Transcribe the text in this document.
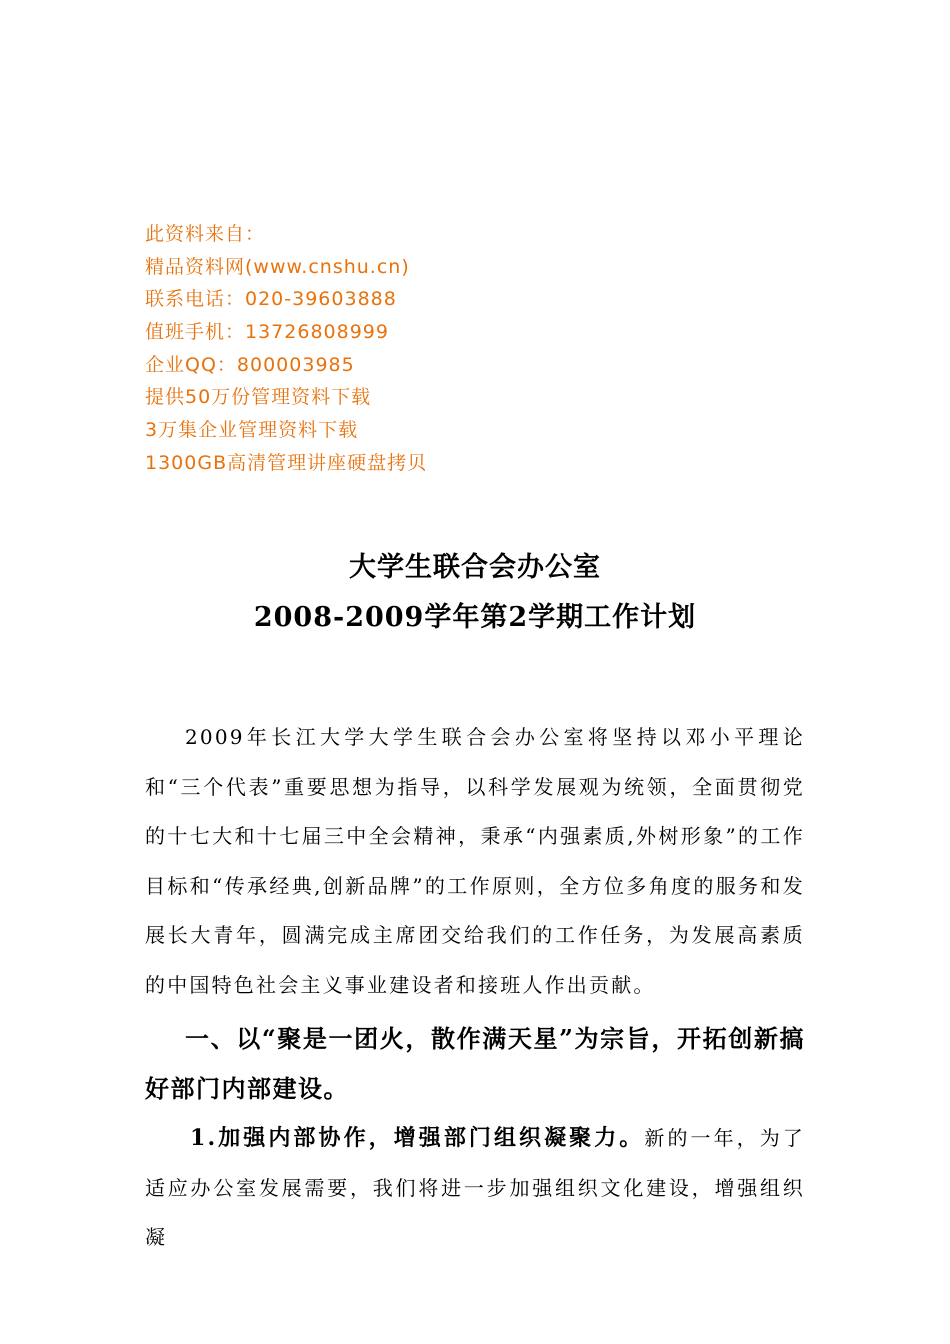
此资料来自：
精品资料网(www.cnshu.cn)
联系电话：020-39603888
值班手机：13726808999
企业QQ：800003985
提供50万份管理资料下载
3万集企业管理资料下载
1300GB高清管理讲座硬盘拷贝
大学生联合会办公室
2008-2009学年第2学期工作计划
2009年长江大学大学生联合会办公室将坚持以邓小平理论和“三个代表”重要思想为指导，以科学发展观为统领，全面贯彻党的十七大和十七届三中全会精神，秉承“内强素质,外树形象”的工作目标和“传承经典,创新品牌”的工作原则，全方位多角度的服务和发展长大青年，圆满完成主席团交给我们的工作任务，为发展高素质的中国特色社会主义事业建设者和接班人作出贡献。
一、以“聚是一团火，散作满天星”为宗旨，开拓创新搞好部门内部建设。
1.加强内部协作，增强部门组织凝聚力。新的一年，为了适应办公室发展需要，我们将进一步加强组织文化建设，增强组织凝
